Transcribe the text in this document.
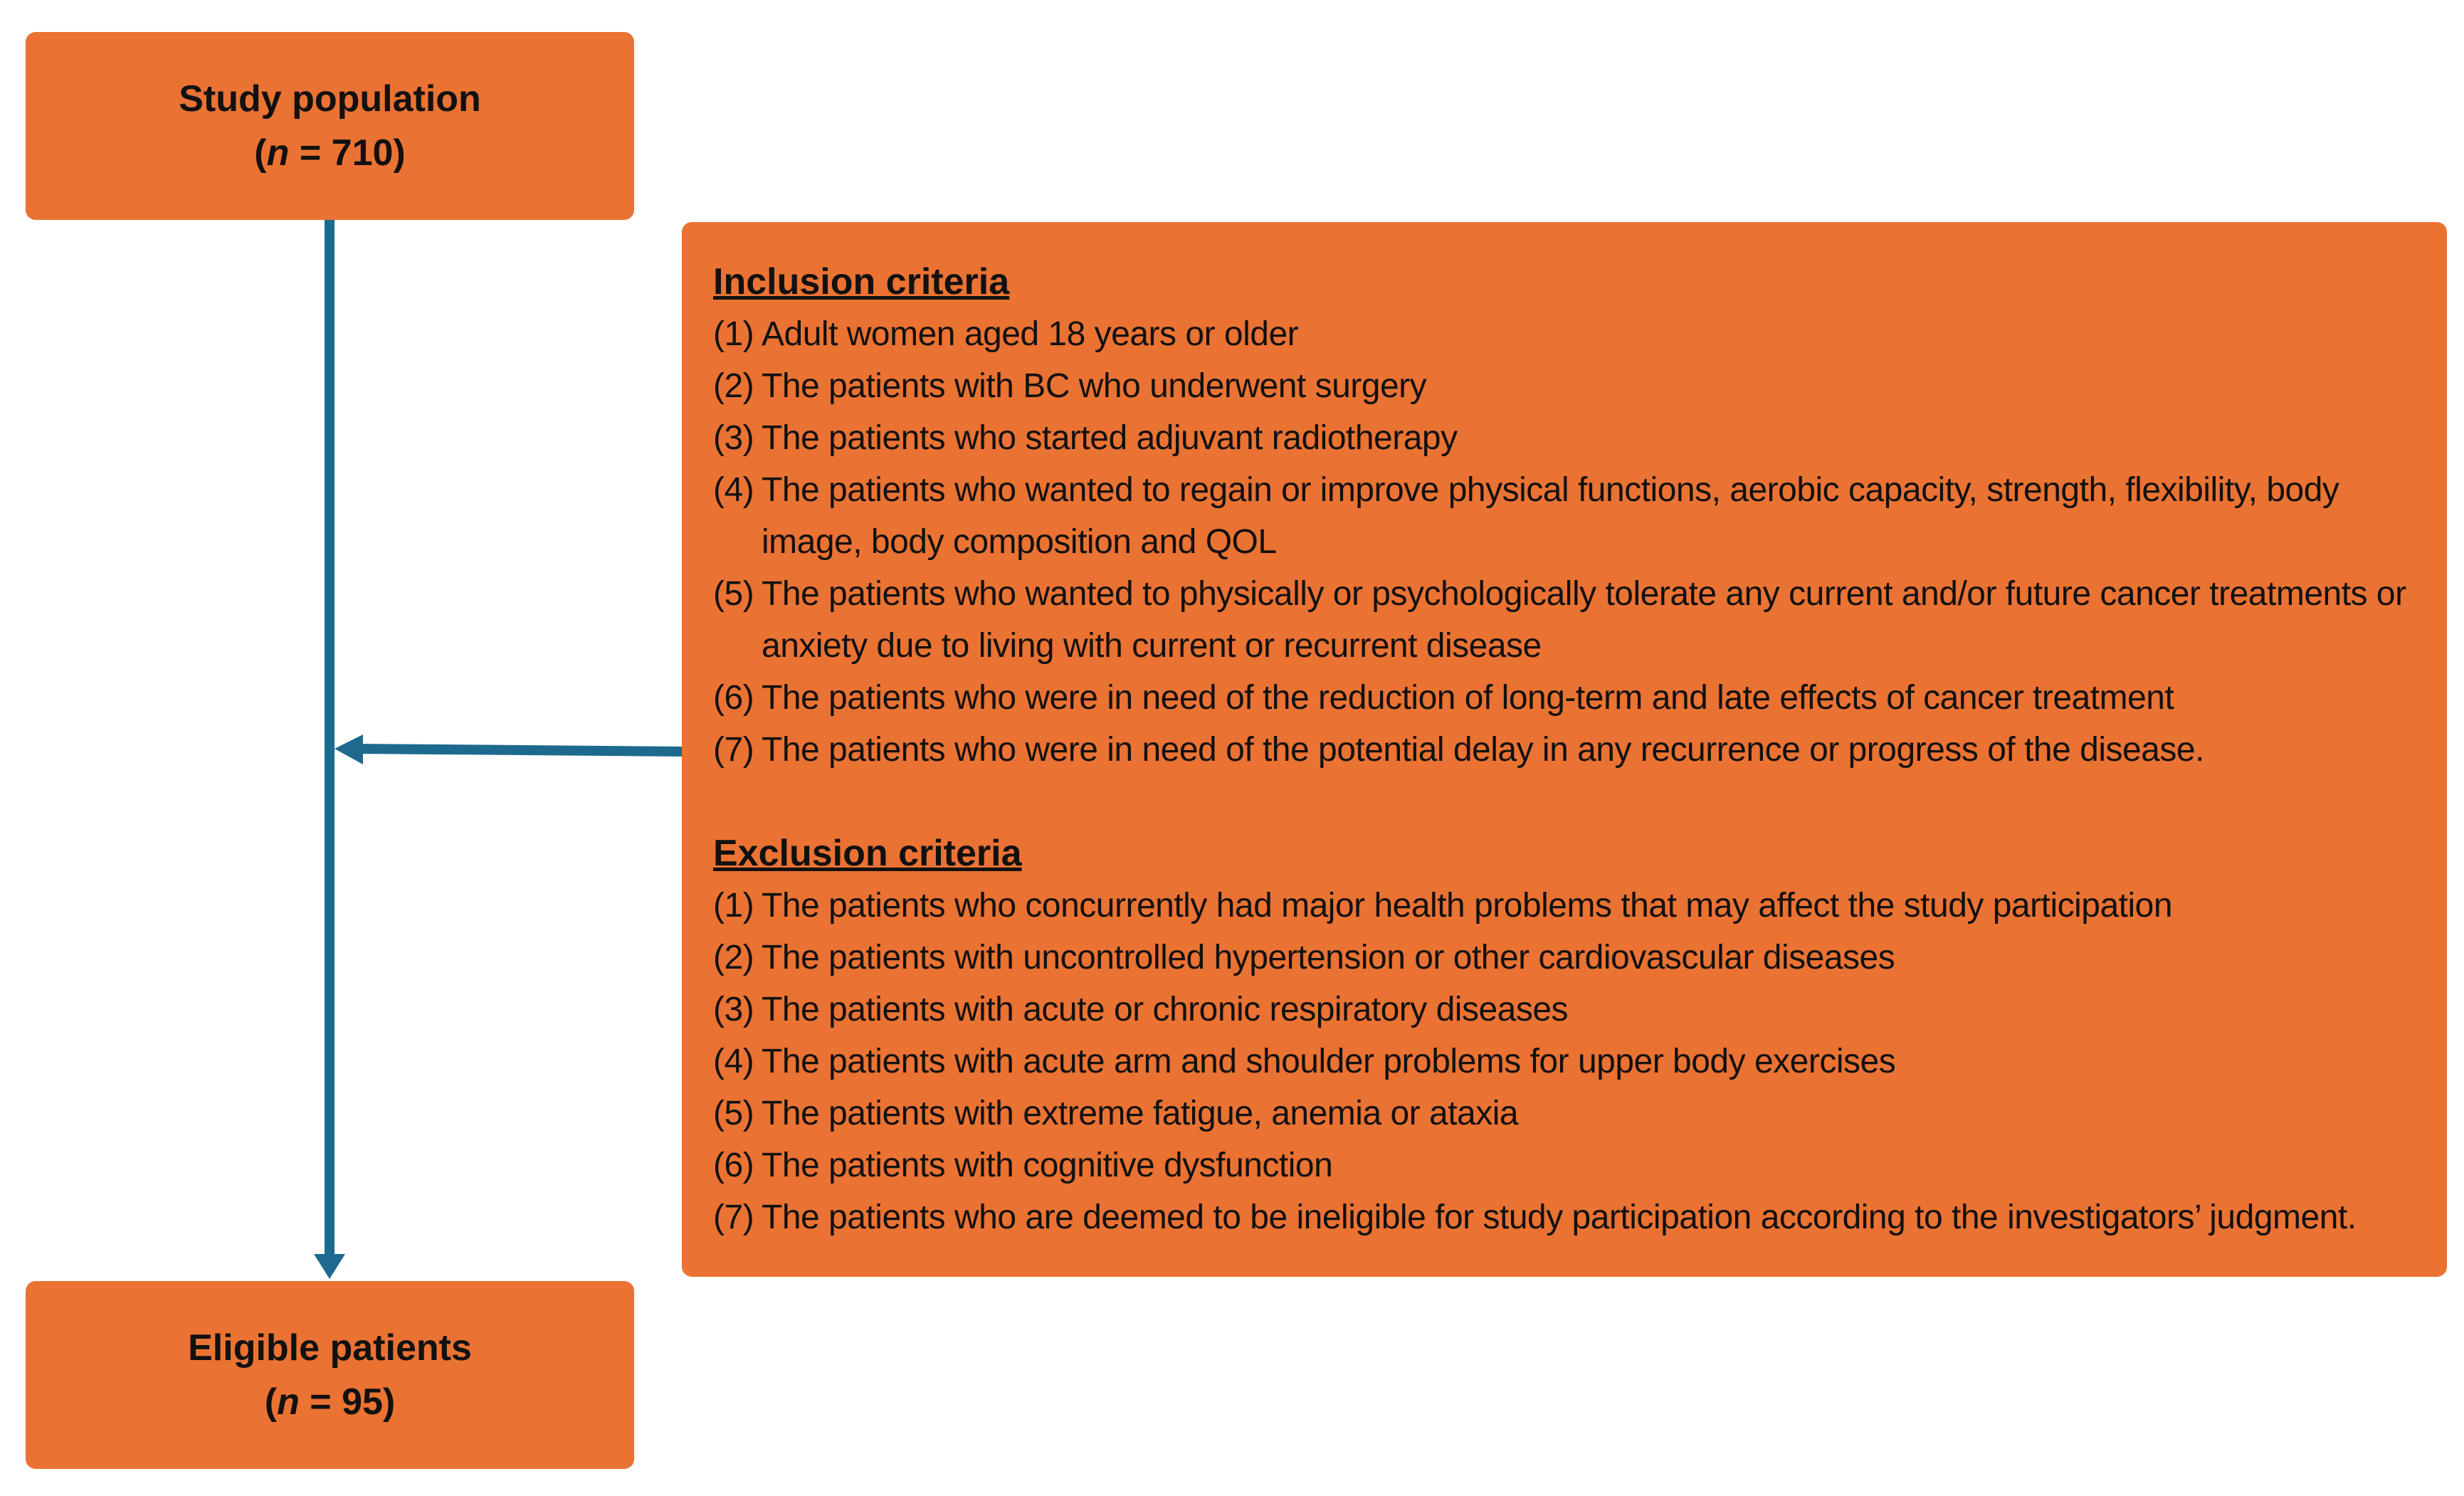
Study population
(n = 710)
Inclusion criteria
(1) Adult women aged 18 years or older
(2) The patients with BC who underwent surgery
(3) The patients who started adjuvant radiotherapy
(4) The patients who wanted to regain or improve physical functions, aerobic capacity, strength, flexibility, body image, body composition and QOL
(5) The patients who wanted to physically or psychologically tolerate any current and/or future cancer treatments or anxiety due to living with current or recurrent disease
(6) The patients who were in need of the reduction of long-term and late effects of cancer treatment
(7) The patients who were in need of the potential delay in any recurrence or progress of the disease.
Exclusion criteria
(1) The patients who concurrently had major health problems that may affect the study participation
(2) The patients with uncontrolled hypertension or other cardiovascular diseases
(3) The patients with acute or chronic respiratory diseases
(4) The patients with acute arm and shoulder problems for upper body exercises
(5) The patients with extreme fatigue, anemia or ataxia
(6) The patients with cognitive dysfunction
(7) The patients who are deemed to be ineligible for study participation according to the investigators’ judgment.
Eligible patients
(n = 95)
